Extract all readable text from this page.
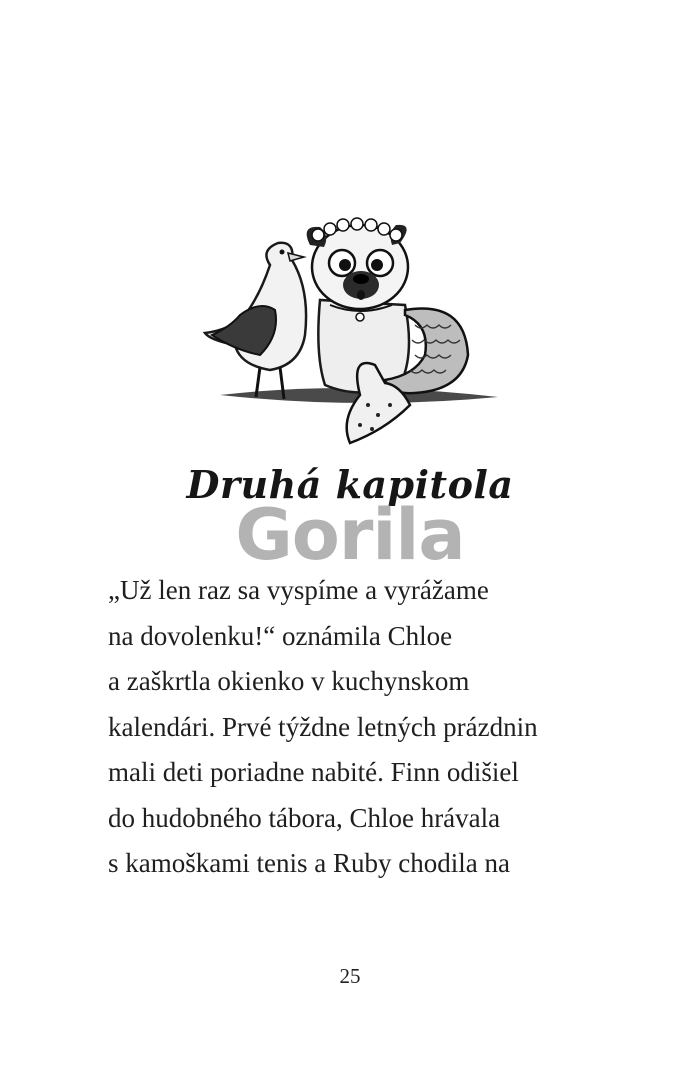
Druhá kapitola
Gorila
„Už len raz sa vyspíme a vyrážame
na dovolenku!“ oznámila Chloe
a zaškrtla okienko v kuchynskom
kalendári. Prvé týždne letných prázdnin
mali deti poriadne nabité. Finn odišiel
do hudobného tábora, Chloe hrávala
s kamoškami tenis a Ruby chodila na
25
